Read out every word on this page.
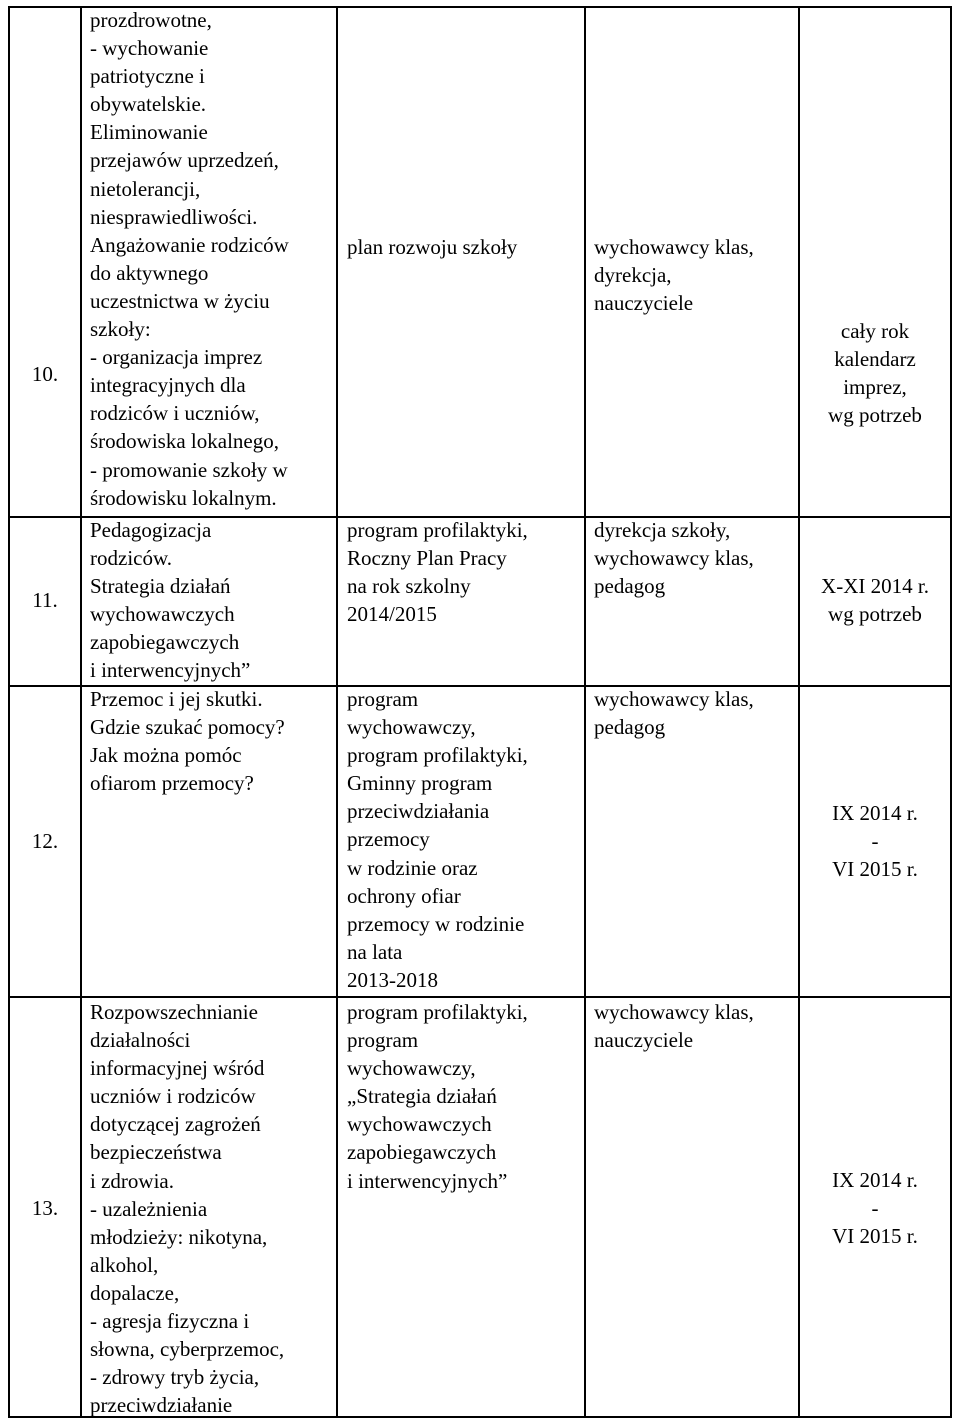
10.
prozdrowotne,
- wychowanie
patriotyczne i
obywatelskie.
Eliminowanie
przejawów uprzedzeń,
nietolerancji,
niesprawiedliwości.
Angażowanie rodziców
do aktywnego
uczestnictwa w życiu
szkoły:
- organizacja imprez
integracyjnych dla
rodziców i uczniów,
środowiska lokalnego,
- promowanie szkoły w
środowisku lokalnym.
plan rozwoju szkoły	wychowawcy klas,
dyrekcja,
nauczyciele
cały rok
kalendarz
imprez,
wg potrzeb
11.
Pedagogizacja
rodziców.
Strategia działań
wychowawczych
zapobiegawczych
i interwencyjnych”
program profilaktyki,
Roczny Plan Pracy
na rok szkolny
2014/2015
dyrekcja szkoły,
wychowawcy klas,
pedagog	X-XI 2014 r.
wg potrzeb
12.
Przemoc i jej skutki.
Gdzie szukać pomocy?
Jak można pomóc
ofiarom przemocy?
program
wychowawczy,
program profilaktyki,
Gminny program
przeciwdziałania
przemocy
w rodzinie oraz
ochrony ofiar
przemocy w rodzinie
na lata
2013-2018
wychowawcy klas,
pedagog
IX 2014 r.
-
VI 2015 r.
13.
Rozpowszechnianie
działalności
informacyjnej wśród
uczniów i rodziców
dotyczącej zagrożeń
bezpieczeństwa
i zdrowia.
- uzależnienia
młodzieży: nikotyna,
alkohol,
dopalacze,
- agresja fizyczna i
słowna, cyberprzemoc,
- zdrowy tryb życia,
przeciwdziałanie
program profilaktyki,
program
wychowawczy,
„Strategia działań
wychowawczych
zapobiegawczych
i interwencyjnych”
wychowawcy klas,
nauczyciele
IX 2014 r.
-
VI 2015 r.
